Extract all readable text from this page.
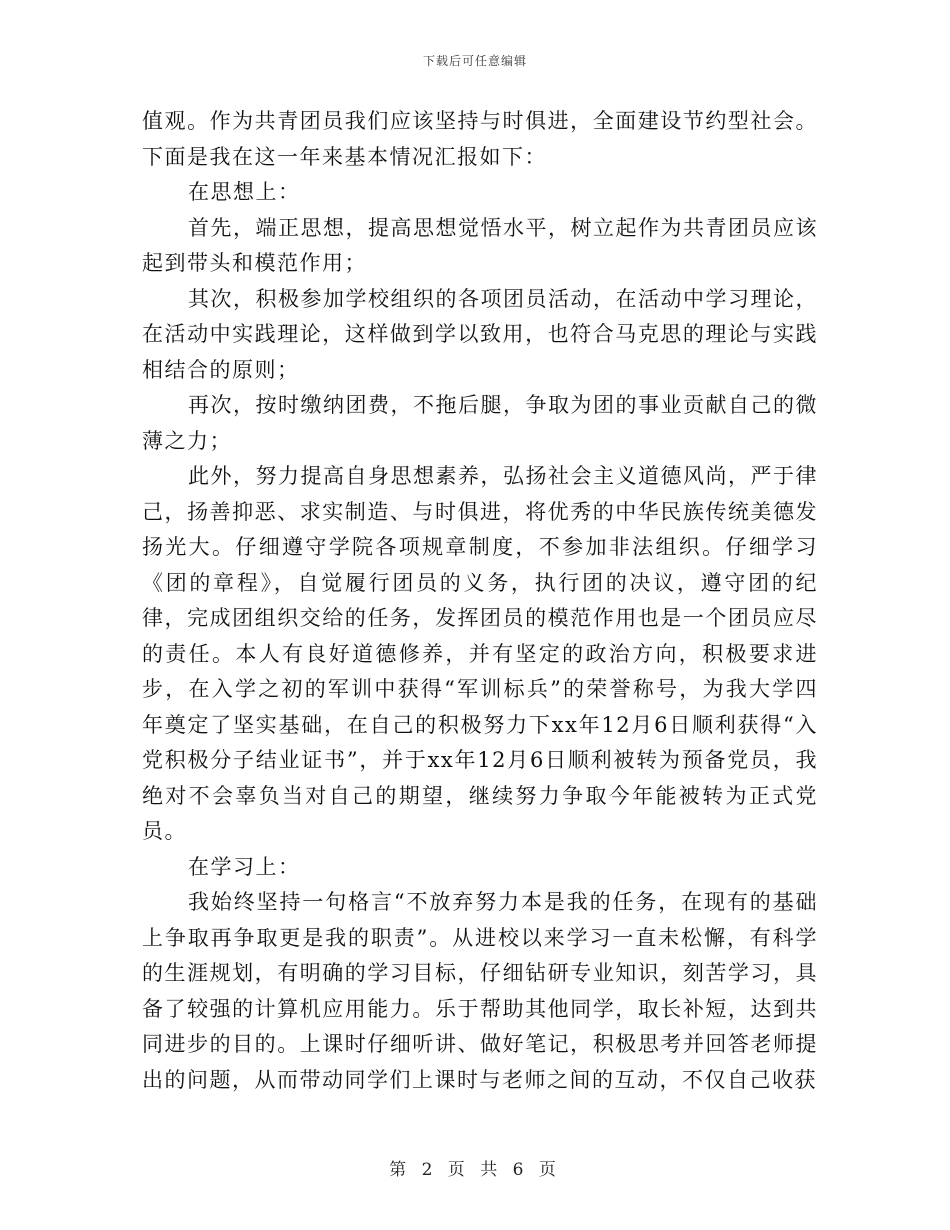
下载后可任意编辑

值观。作为共青团员我们应该坚持与时俱进，全面建设节约型社会。下面是我在这一年来基本情况汇报如下：

在思想上：

首先，端正思想，提高思想觉悟水平，树立起作为共青团员应该起到带头和模范作用；

其次，积极参加学校组织的各项团员活动，在活动中学习理论，在活动中实践理论，这样做到学以致用，也符合马克思的理论与实践相结合的原则；

再次，按时缴纳团费，不拖后腿，争取为团的事业贡献自己的微薄之力；

此外，努力提高自身思想素养，弘扬社会主义道德风尚，严于律己，扬善抑恶、求实制造、与时俱进，将优秀的中华民族传统美德发扬光大。仔细遵守学院各项规章制度，不参加非法组织。仔细学习《团的章程》，自觉履行团员的义务，执行团的决议，遵守团的纪律，完成团组织交给的任务，发挥团员的模范作用也是一个团员应尽的责任。本人有良好道德修养，并有坚定的政治方向，积极要求进步，在入学之初的军训中获得“军训标兵”的荣誉称号，为我大学四年奠定了坚实基础，在自己的积极努力下xx年12月6日顺利获得“入党积极分子结业证书”，并于xx年12月6日顺利被转为预备党员，我绝对不会辜负当对自己的期望，继续努力争取今年能被转为正式党员。

在学习上：

我始终坚持一句格言“不放弃努力本是我的任务，在现有的基础上争取再争取更是我的职责”。从进校以来学习一直未松懈，有科学的生涯规划，有明确的学习目标，仔细钻研专业知识，刻苦学习，具备了较强的计算机应用能力。乐于帮助其他同学，取长补短，达到共同进步的目的。上课时仔细听讲、做好笔记，积极思考并回答老师提出的问题，从而带动同学们上课时与老师之间的互动，不仅自己收获

第 2 页 共 6 页
